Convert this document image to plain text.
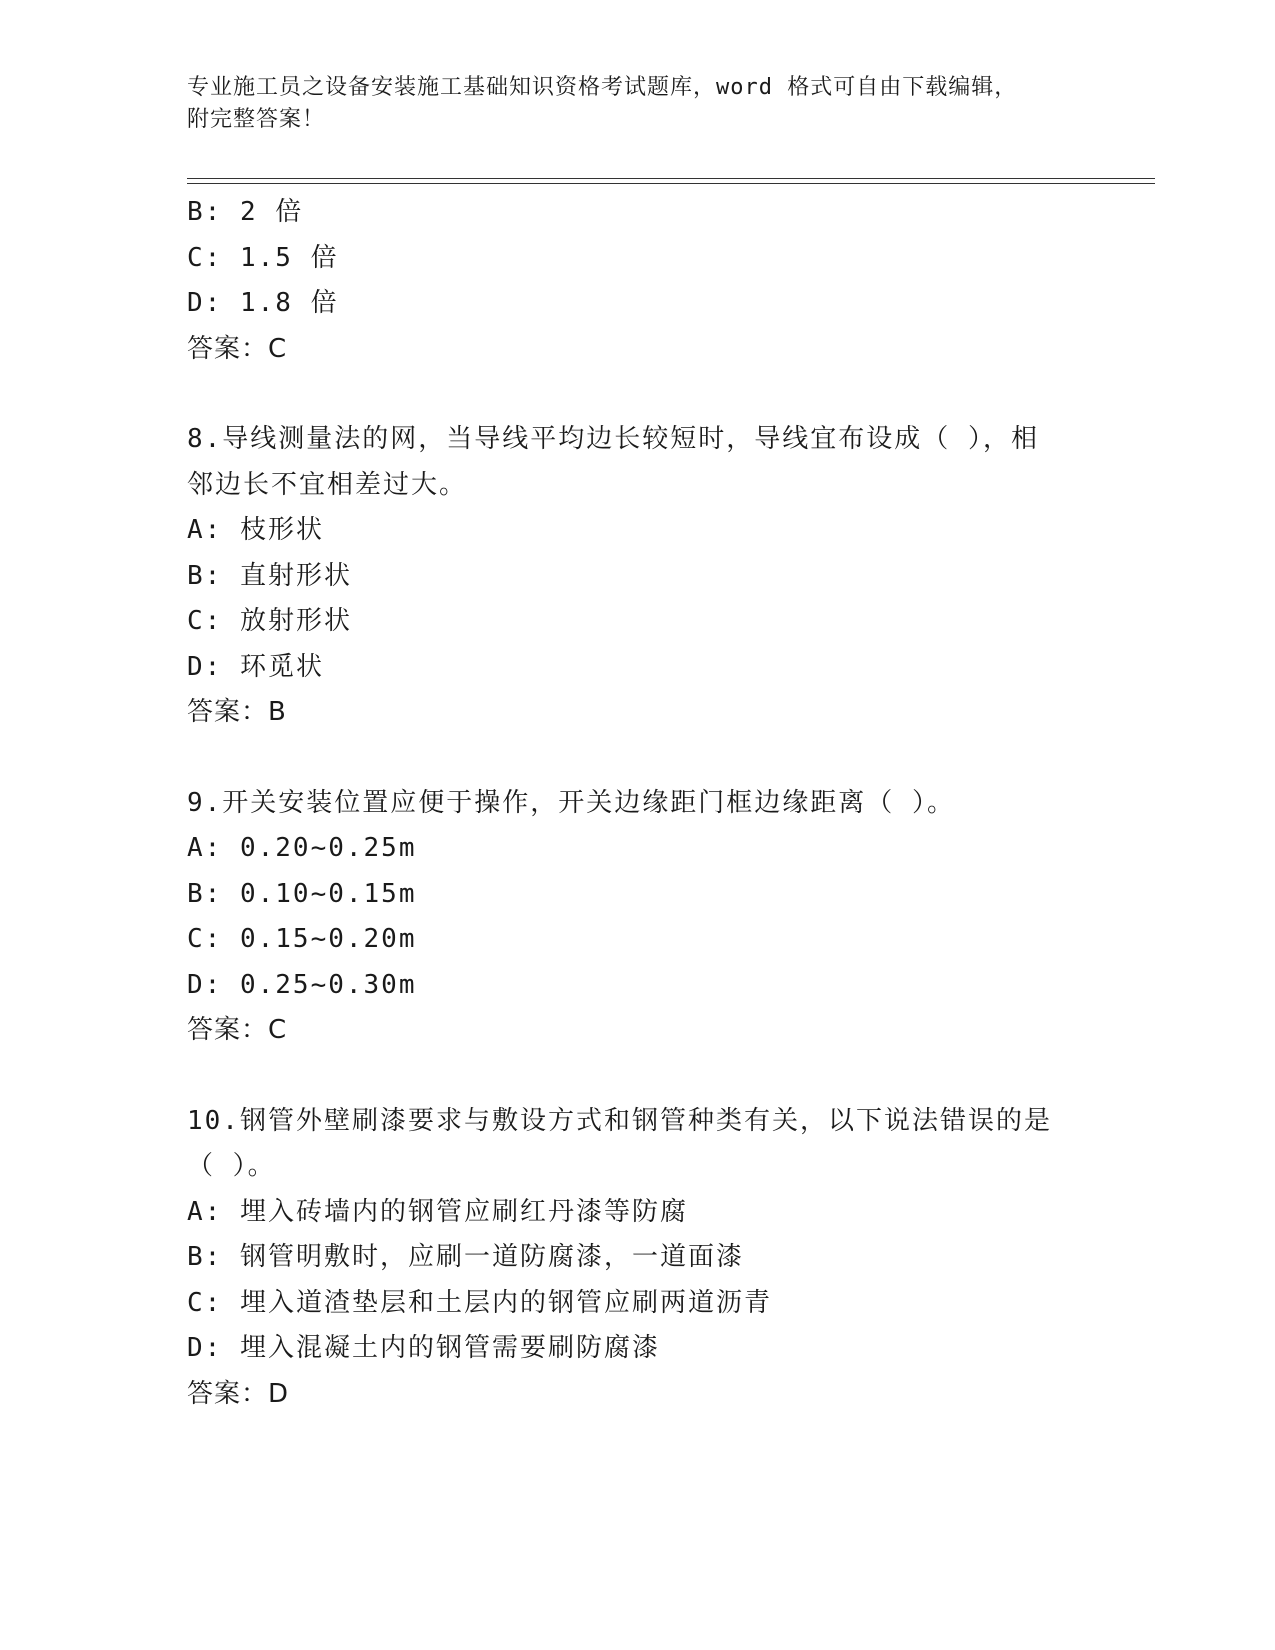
专业施工员之设备安装施工基础知识资格考试题库，word 格式可自由下载编辑，
附完整答案！
B: 2 倍
C: 1.5 倍
D: 1.8 倍
答案：C
8.导线测量法的网，当导线平均边长较短时，导线宜布设成（ ），相
邻边长不宜相差过大。
A: 枝形状
B: 直射形状
C: 放射形状
D: 环觅状
答案：B
9.开关安装位置应便于操作，开关边缘距门框边缘距离（ ）。
A: 0.20~0.25m
B: 0.10~0.15m
C: 0.15~0.20m
D: 0.25~0.30m
答案：C
10.钢管外壁刷漆要求与敷设方式和钢管种类有关，以下说法错误的是
（ ）。
A: 埋入砖墙内的钢管应刷红丹漆等防腐
B: 钢管明敷时，应刷一道防腐漆，一道面漆
C: 埋入道渣垫层和土层内的钢管应刷两道沥青
D: 埋入混凝土内的钢管需要刷防腐漆
答案：D
